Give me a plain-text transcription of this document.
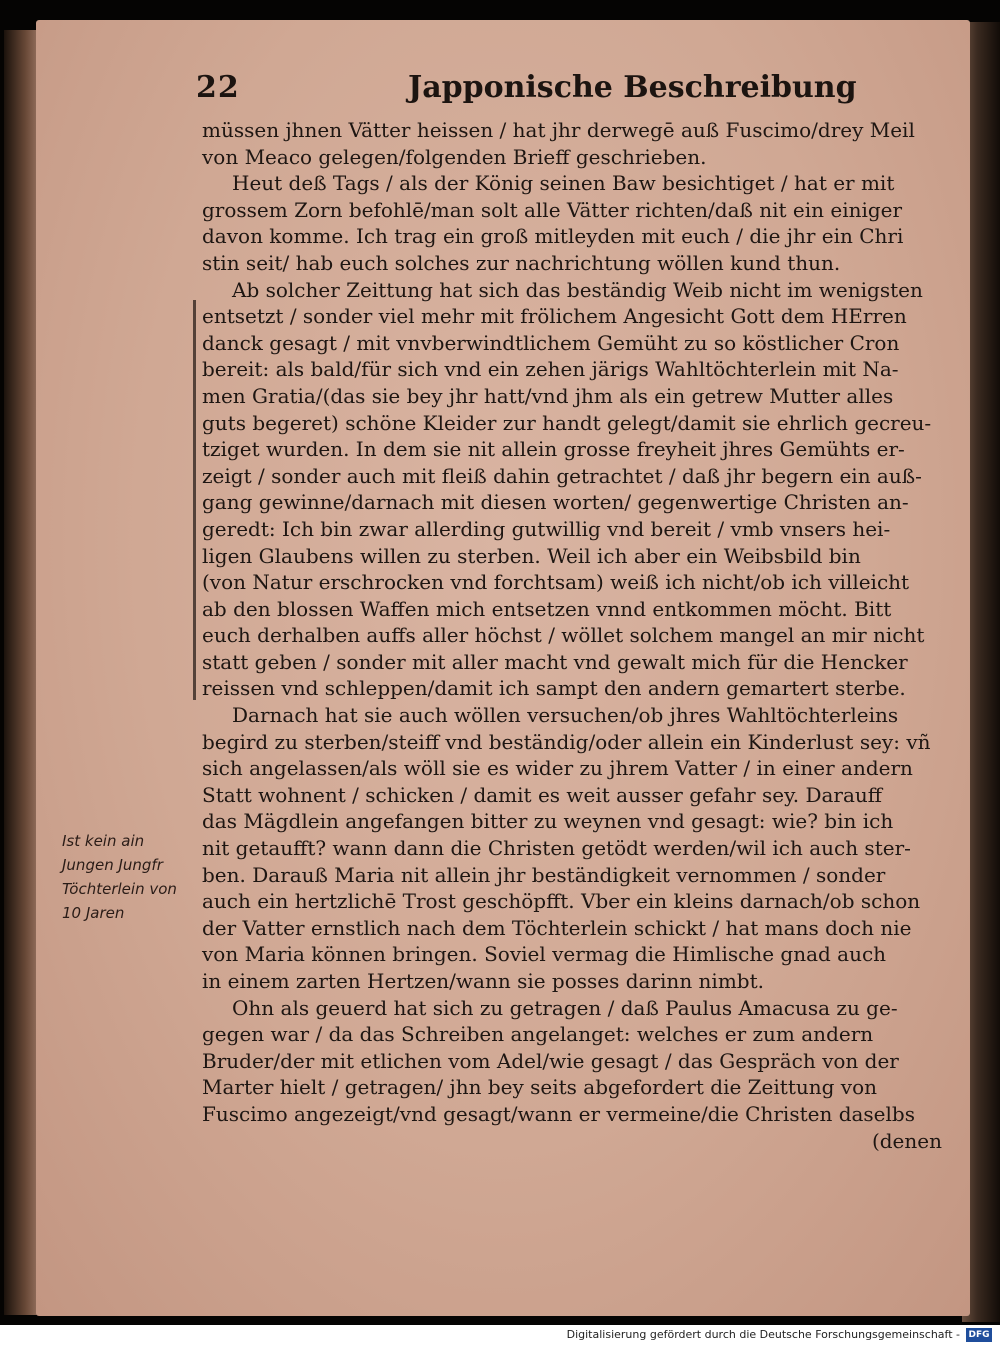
22	Japponische Beschreibung
müssen jhnen Vätter heissen / hat jhr derwegē auß Fuscimo/drey Meil
von Meaco gelegen/folgenden Brieff geschrieben.
Heut deß Tags / als der König seinen Baw besichtiget / hat er mit
grossem Zorn befohlē/man solt alle Vätter richten/daß nit ein einiger
davon komme. Ich trag ein groß mitleyden mit euch / die jhr ein Chri
stin seit/ hab euch solches zur nachrichtung wöllen kund thun.
Ab solcher Zeittung hat sich das beständig Weib nicht im wenigsten
entsetzt / sonder viel mehr mit frölichem Angesicht Gott dem HErren
danck gesagt / mit vnvberwindtlichem Gemüht zu so köstlicher Cron
bereit: als bald/für sich vnd ein zehen järigs Wahltöchterlein mit Na-
men Gratia/(das sie bey jhr hatt/vnd jhm als ein getrew Mutter alles
guts begeret) schöne Kleider zur handt gelegt/damit sie ehrlich gecreu-
tziget wurden. In dem sie nit allein grosse freyheit jhres Gemühts er-
zeigt / sonder auch mit fleiß dahin getrachtet / daß jhr begern ein auß-
gang gewinne/darnach mit diesen worten/ gegenwertige Christen an-
geredt: Ich bin zwar allerding gutwillig vnd bereit / vmb vnsers hei-
ligen Glaubens willen zu sterben. Weil ich aber ein Weibsbild bin
(von Natur erschrocken vnd forchtsam) weiß ich nicht/ob ich villeicht
ab den blossen Waffen mich entsetzen vnnd entkommen möcht. Bitt
euch derhalben auffs aller höchst / wöllet solchem mangel an mir nicht
statt geben / sonder mit aller macht vnd gewalt mich für die Hencker
reissen vnd schleppen/damit ich sampt den andern gemartert sterbe.
Darnach hat sie auch wöllen versuchen/ob jhres Wahltöchterleins
begird zu sterben/steiff vnd beständig/oder allein ein Kinderlust sey: vñ
sich angelassen/als wöll sie es wider zu jhrem Vatter / in einer andern
Statt wohnent / schicken / damit es weit ausser gefahr sey. Darauff
das Mägdlein angefangen bitter zu weynen vnd gesagt: wie? bin ich
nit getaufft? wann dann die Christen getödt werden/wil ich auch ster-
ben. Darauß Maria nit allein jhr beständigkeit vernommen / sonder
auch ein hertzlichē Trost geschöpfft. Vber ein kleins darnach/ob schon
der Vatter ernstlich nach dem Töchterlein schickt / hat mans doch nie
von Maria können bringen. Soviel vermag die Himlische gnad auch
in einem zarten Hertzen/wann sie posses darinn nimbt.
Ohn als geuerd hat sich zu getragen / daß Paulus Amacusa zu ge-
gegen war / da das Schreiben angelanget: welches er zum andern
Bruder/der mit etlichen vom Adel/wie gesagt / das Gespräch von der
Marter hielt / getragen/ jhn bey seits abgefordert die Zeittung von
Fuscimo angezeigt/vnd gesagt/wann er vermeine/die Christen daselbs
(denen
Ist kein ain
Jungen Jungfr
Töchterlein von
10 Jaren
Digitalisierung gefördert durch die Deutsche Forschungsgemeinschaft - DFG
